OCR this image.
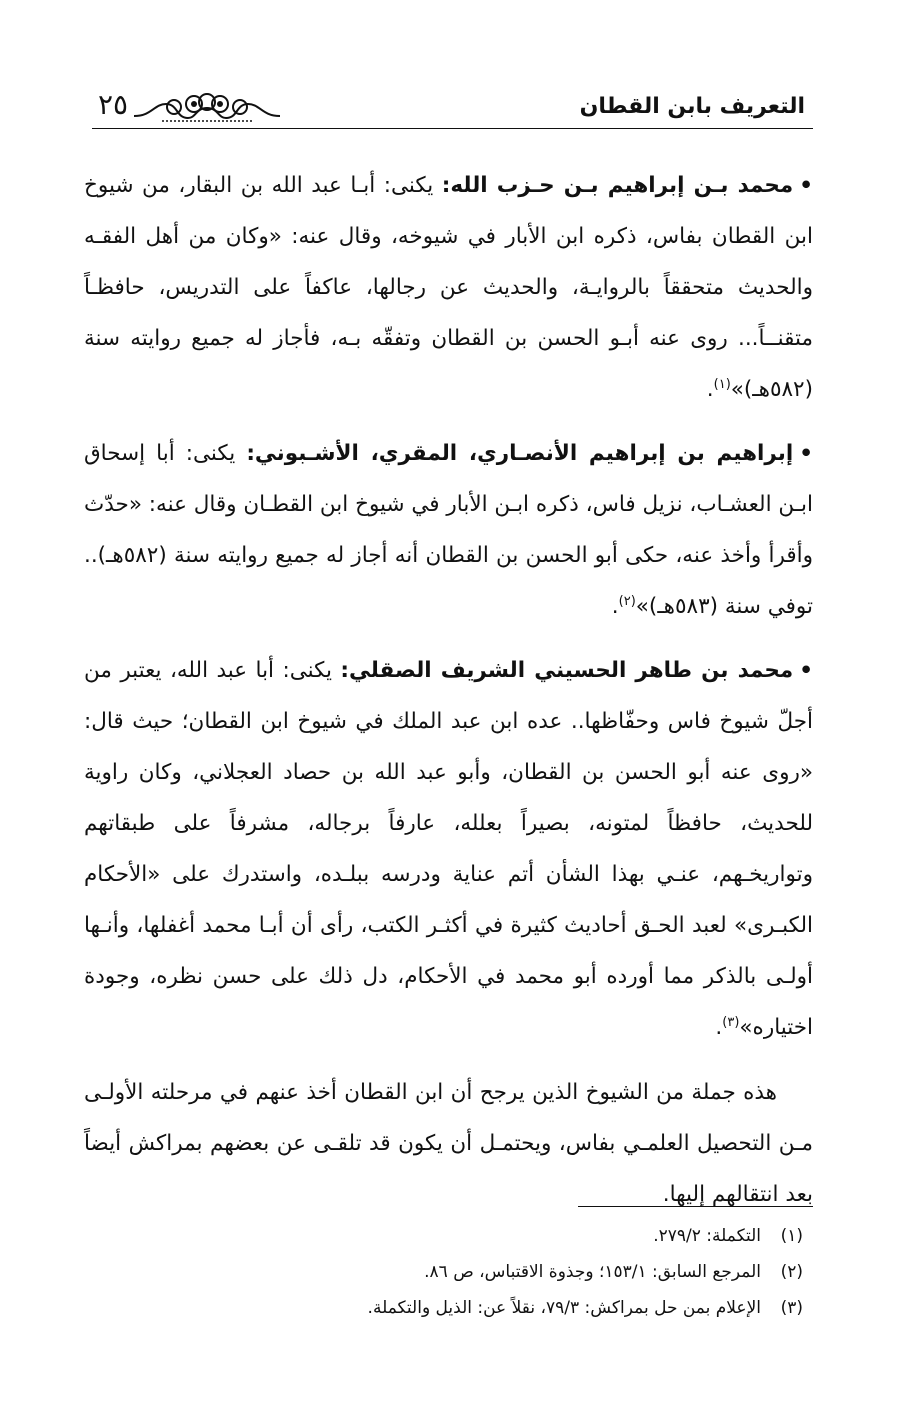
٢٥	التعريف بابن القطان

•محمد بـن إبراهيم بـن حـزب الله: يكنى: أبـا عبد الله بن البقار، من شيوخ ابن القطان بفاس، ذكره ابن الأبار في شيوخه، وقال عنه: «وكان من أهل الفقـه والحديث متحققاً بالروايـة، والحديث عن رجالها، عاكفاً على التدريس، حافظـاً متقنــاً... روى عنه أبـو الحسن بن القطان وتفقّه بـه، فأجاز له جميع روايته سنة (٥٨٢هـ)»$^{(١)}$.

•إبراهيم بن إبراهيم الأنصـاري، المقري، الأشـبوني: يكنى: أبا إسحاق ابـن العشـاب، نزيل فاس، ذكره ابـن الأبار في شيوخ ابن القطـان وقال عنه: «حدّث وأقرأ وأخذ عنه، حكى أبو الحسن بن القطان أنه أجاز له جميع روايته سنة (٥٨٢هـ).. توفي سنة (٥٨٣هـ)»$^{(٢)}$.

•محمد بن طاهر الحسيني الشريف الصقلي: يكنى: أبا عبد الله، يعتبر من أجلّ شيوخ فاس وحفّاظها.. عده ابن عبد الملك في شيوخ ابن القطان؛ حيث قال: «روى عنه أبو الحسن بن القطان، وأبو عبد الله بن حصاد العجلاني، وكان راوية للحديث، حافظاً لمتونه، بصيراً بعلله، عارفاً برجاله، مشرفاً على طبقاتهم وتواريخـهم، عنـي بهذا الشأن أتم عناية ودرسه ببلـده، واستدرك على «الأحكام الكبـرى» لعبد الحـق أحاديث كثيرة في أكثـر الكتب، رأى أن أبـا محمد أغفلها، وأنـها أولـى بالذكر مما أورده أبو محمد في الأحكام، دل ذلك على حسن نظره، وجودة اختياره»$^{(٣)}$.

هذه جملة من الشيوخ الذين يرجح أن ابن القطان أخذ عنهم في مرحلته الأولـى مـن التحصيل العلمـي بفاس، ويحتمـل أن يكون قد تلقـى عن بعضهم بمراكش أيضاً بعد انتقالهم إليها.

(١)التكملة: ٢٧٩/٢.
(٢)المرجع السابق: ١٥٣/١؛ وجذوة الاقتباس، ص ٨٦.
(٣)الإعلام بمن حل بمراكش: ٧٩/٣، نقلاً عن: الذيل والتكملة.
